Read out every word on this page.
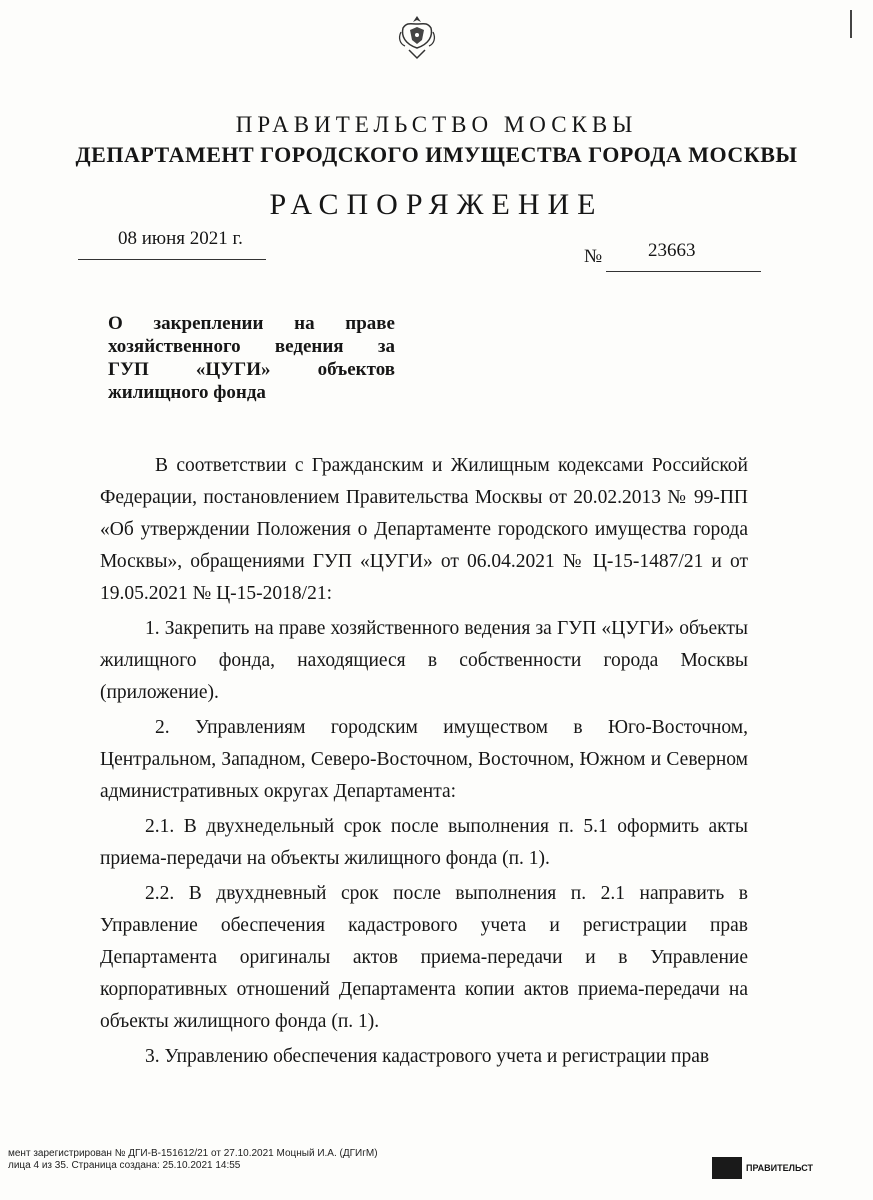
ПРАВИТЕЛЬСТВО МОСКВЫ
ДЕПАРТАМЕНТ ГОРОДСКОГО ИМУЩЕСТВА ГОРОДА МОСКВЫ
РАСПОРЯЖЕНИЕ
08 июня 2021 г.
№ 23663
О закреплении на праве
хозяйственного ведения за
ГУП «ЦУГИ» объектов
жилищного фонда

В соответствии с Гражданским и Жилищным кодексами Российской Федерации, постановлением Правительства Москвы от 20.02.2013 № 99-ПП «Об утверждении Положения о Департаменте городского имущества города Москвы», обращениями ГУП «ЦУГИ» от 06.04.2021 № Ц-15-1487/21 и от 19.05.2021 № Ц-15-2018/21:

1. Закрепить на праве хозяйственного ведения за ГУП «ЦУГИ» объекты жилищного фонда, находящиеся в собственности города Москвы (приложение).

2. Управлениям городским имуществом в Юго-Восточном, Центральном, Западном, Северо-Восточном, Восточном, Южном и Северном административных округах Департамента:

2.1. В двухнедельный срок после выполнения п. 5.1 оформить акты приема-передачи на объекты жилищного фонда (п. 1).

2.2. В двухдневный срок после выполнения п. 2.1 направить в Управление обеспечения кадастрового учета и регистрации прав Департамента оригиналы актов приема-передачи и в Управление корпоративных отношений Департамента копии актов приема-передачи на объекты жилищного фонда (п. 1).

3. Управлению обеспечения кадастрового учета и регистрации прав

мент зарегистрирован № ДГИ-В-151612/21 от 27.10.2021 Моцный И.А. (ДГИгМ)
лица 4 из 35. Страница создана: 25.10.2021 14:55	ПРАВИТЕЛЬСТ
